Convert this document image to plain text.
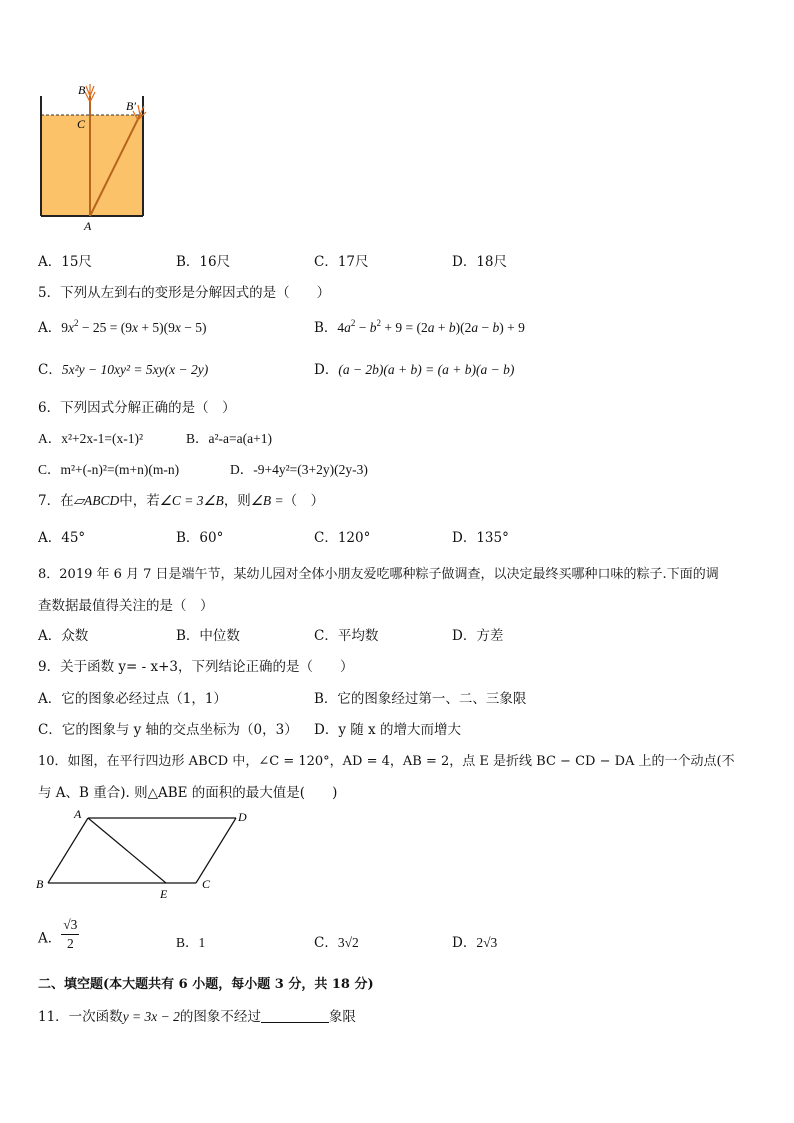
B
B′
C
A
A．15尺	B．16尺	C．17尺	D．18尺
5．下列从左到右的变形是分解因式的是（　　）
A．$9x^2 - 25 = (9x + 5)(9x - 5)$	B．$4a^2 - b^2 + 9 = (2a + b)(2a - b) + 9$
C．5x²y − 10xy² = 5xy(x − 2y)	D．(a − 2b)(a + b) = (a + b)(a − b)
6．下列因式分解正确的是（　）
A．x²+2x-1=(x-1)²	B．a²-a=a(a+1)
C．m²+(-n)²=(m+n)(m-n)	D．-9+4y²=(3+2y)(2y-3)
7．在▱ABCD中，若∠C = 3∠B，则∠B =（　）
A．45°	B．60°	C．120°	D．135°
8．2019 年 6 月 7 日是端午节，某幼儿园对全体小朋友爱吃哪种粽子做调查，以决定最终买哪种口味的粽子.下面的调
查数据最值得关注的是（　）
A．众数	B．中位数	C．平均数	D．方差
9．关于函数 y= - x+3，下列结论正确的是（　　）
A．它的图象必经过点（1，1）	B．它的图象经过第一、二、三象限
C．它的图象与 y 轴的交点坐标为（0，3） D．y 随 x 的增大而增大
10．如图，在平行四边形 ABCD 中，∠C = 120°，AD = 4，AB = 2，点 E 是折线 BC − CD − DA 上的一个动点(不
与 A、B 重合). 则△ABE 的面积的最大值是(　　)
A	D
B
E
C
A． $\frac{√3}{2}$	B．1	C．3√2	D．2√3
二、填空题(本大题共有 6 小题，每小题 3 分，共 18 分)
11．一次函数y = 3x − 2的图象不经过	象限
